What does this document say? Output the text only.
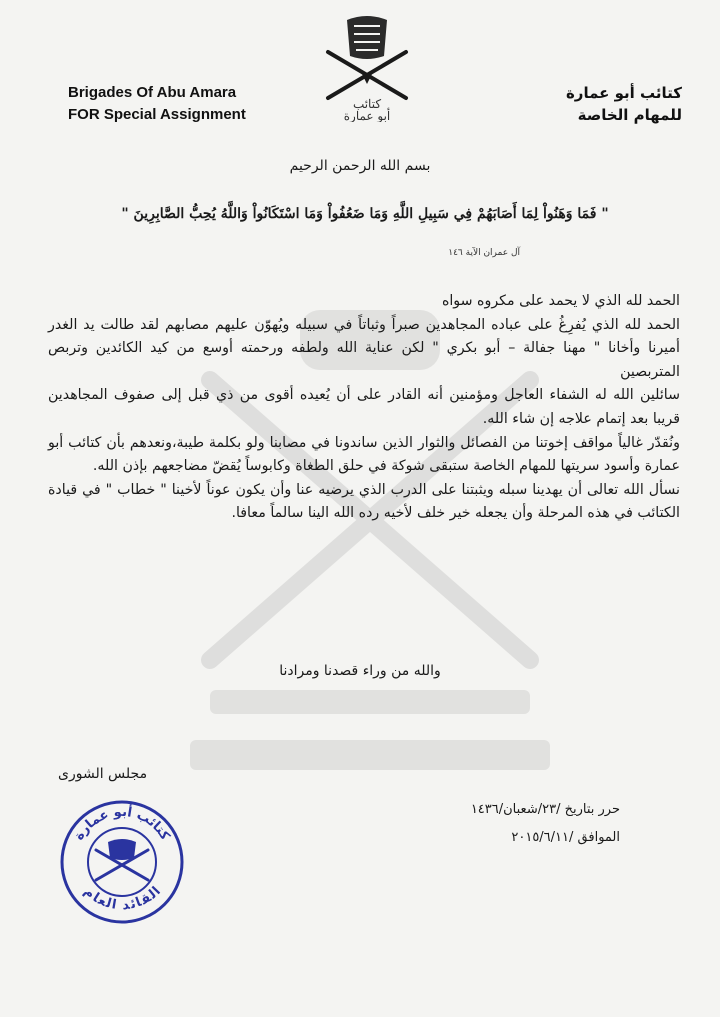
كتائب
أبو عمارة
Brigades Of Abu Amara
FOR Special Assignment
كتائب أبو عمارة
للمهام الخاصة
بسم الله الرحمن الرحيم
" فَمَا وَهَنُواْ لِمَا أَصَابَهُمْ فِي سَبِيلِ اللَّهِ وَمَا ضَعُفُواْ وَمَا اسْتَكَانُواْ وَاللَّهُ يُحِبُّ الصَّابِرِينَ "
آل عمران الآية ١٤٦

الحمد لله الذي لا يحمد على مكروه سواه

الحمد لله الذي يُفرِغُ على عباده المجاهدين صبراً وثباتاً في سبيله ويُهوّن عليهم مصابهم لقد طالت يد الغدر أميرنا وأخانا " مهنا جفالة – أبو بكري " لكن عناية الله ولطفه ورحمته أوسع من كيد الكائدين وتربص المتربصين

سائلين الله له الشفاء العاجل ومؤمنين أنه القادر على أن يُعيده أقوى من ذي قبل إلى صفوف المجاهدين قريبا بعد إتمام علاجه إن شاء الله.

ونُقدّر غالياً مواقف إخوتنا من الفصائل والثوار الذين ساندونا في مصابنا ولو بكلمة طيبة،ونعدهم بأن كتائب أبو عمارة وأسود سريتها للمهام الخاصة ستبقى شوكة في حلق الطغاة وكابوساً يُقضّ مضاجعهم بإذن الله.

نسأل الله تعالى أن يهدينا سبله ويثبتنا على الدرب الذي يرضيه عنا وأن يكون عوناً لأخينا " خطاب " في قيادة الكتائب في هذه المرحلة وأن يجعله خير خلف لأخيه رده الله الينا سالماً معافا.

والله من وراء قصدنا ومرادنا
مجلس الشورى
حرر بتاريخ /٢٣/شعبان/١٤٣٦
الموافق /٢٠١٥/٦/١١
كتائب أبو عمارة
القائد العام
